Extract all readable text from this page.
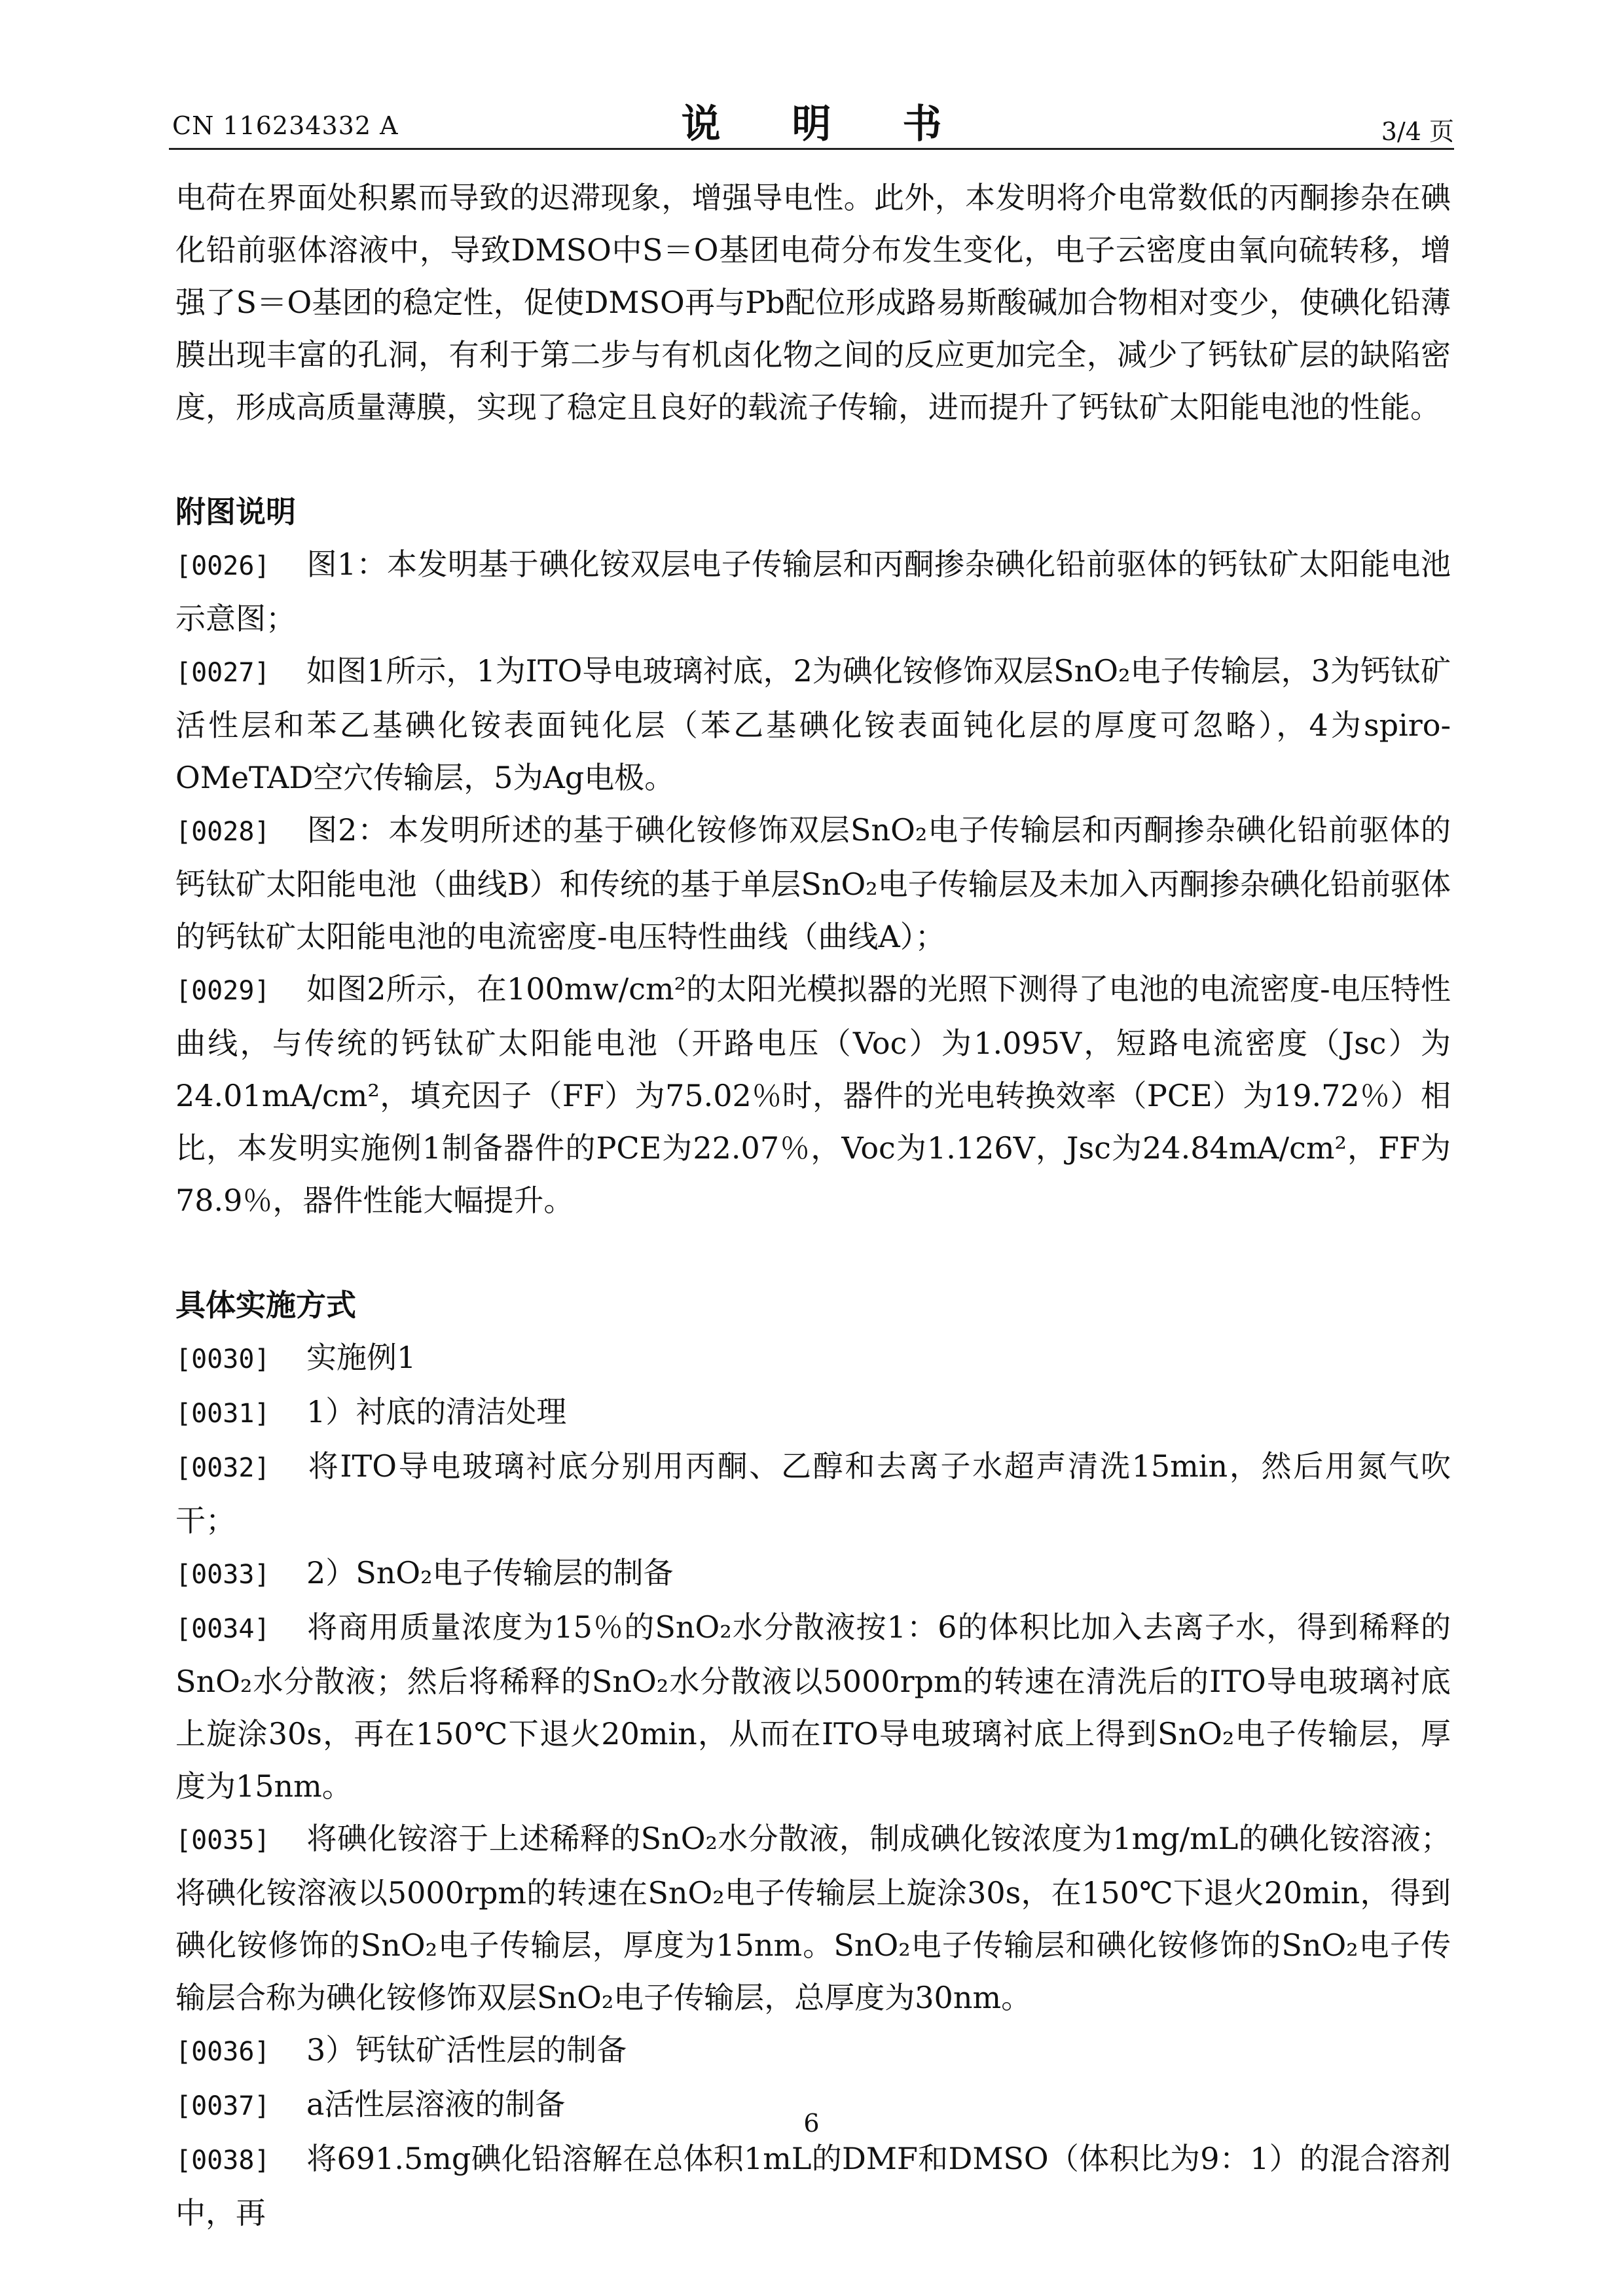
CN 116234332 A	说 明 书	3/4 页

电荷在界面处积累而导致的迟滞现象，增强导电性。此外，本发明将介电常数低的丙酮掺杂在碘化铅前驱体溶液中，导致DMSO中S＝O基团电荷分布发生变化，电子云密度由氧向硫转移，增强了S＝O基团的稳定性，促使DMSO再与Pb配位形成路易斯酸碱加合物相对变少，使碘化铅薄膜出现丰富的孔洞，有利于第二步与有机卤化物之间的反应更加完全，减少了钙钛矿层的缺陷密度，形成高质量薄膜，实现了稳定且良好的载流子传输，进而提升了钙钛矿太阳能电池的性能。

附图说明

[0026] 图1：本发明基于碘化铵双层电子传输层和丙酮掺杂碘化铅前驱体的钙钛矿太阳能电池示意图；

[0027] 如图1所示，1为ITO导电玻璃衬底，2为碘化铵修饰双层SnO₂电子传输层，3为钙钛矿活性层和苯乙基碘化铵表面钝化层（苯乙基碘化铵表面钝化层的厚度可忽略），4为spiro-OMeTAD空穴传输层，5为Ag电极。

[0028] 图2：本发明所述的基于碘化铵修饰双层SnO₂电子传输层和丙酮掺杂碘化铅前驱体的钙钛矿太阳能电池（曲线B）和传统的基于单层SnO₂电子传输层及未加入丙酮掺杂碘化铅前驱体的钙钛矿太阳能电池的电流密度-电压特性曲线（曲线A）；

[0029] 如图2所示，在100mw/cm²的太阳光模拟器的光照下测得了电池的电流密度-电压特性曲线，与传统的钙钛矿太阳能电池（开路电压（Voc）为1.095V，短路电流密度（Jsc）为24.01mA/cm²，填充因子（FF）为75.02％时，器件的光电转换效率（PCE）为19.72％）相比，本发明实施例1制备器件的PCE为22.07％，Voc为1.126V，Jsc为24.84mA/cm²，FF为78.9％，器件性能大幅提升。

具体实施方式

[0030] 实施例1

[0031] 1）衬底的清洁处理

[0032] 将ITO导电玻璃衬底分别用丙酮、乙醇和去离子水超声清洗15min，然后用氮气吹干；

[0033] 2）SnO₂电子传输层的制备

[0034] 将商用质量浓度为15％的SnO₂水分散液按1：6的体积比加入去离子水，得到稀释的SnO₂水分散液；然后将稀释的SnO₂水分散液以5000rpm的转速在清洗后的ITO导电玻璃衬底上旋涂30s，再在150℃下退火20min，从而在ITO导电玻璃衬底上得到SnO₂电子传输层，厚度为15nm。

[0035] 将碘化铵溶于上述稀释的SnO₂水分散液，制成碘化铵浓度为1mg/mL的碘化铵溶液；将碘化铵溶液以5000rpm的转速在SnO₂电子传输层上旋涂30s，在150℃下退火20min，得到碘化铵修饰的SnO₂电子传输层，厚度为15nm。SnO₂电子传输层和碘化铵修饰的SnO₂电子传输层合称为碘化铵修饰双层SnO₂电子传输层，总厚度为30nm。

[0036] 3）钙钛矿活性层的制备

[0037] a活性层溶液的制备

[0038] 将691.5mg碘化铅溶解在总体积1mL的DMF和DMSO（体积比为9：1）的混合溶剂中，再

6
